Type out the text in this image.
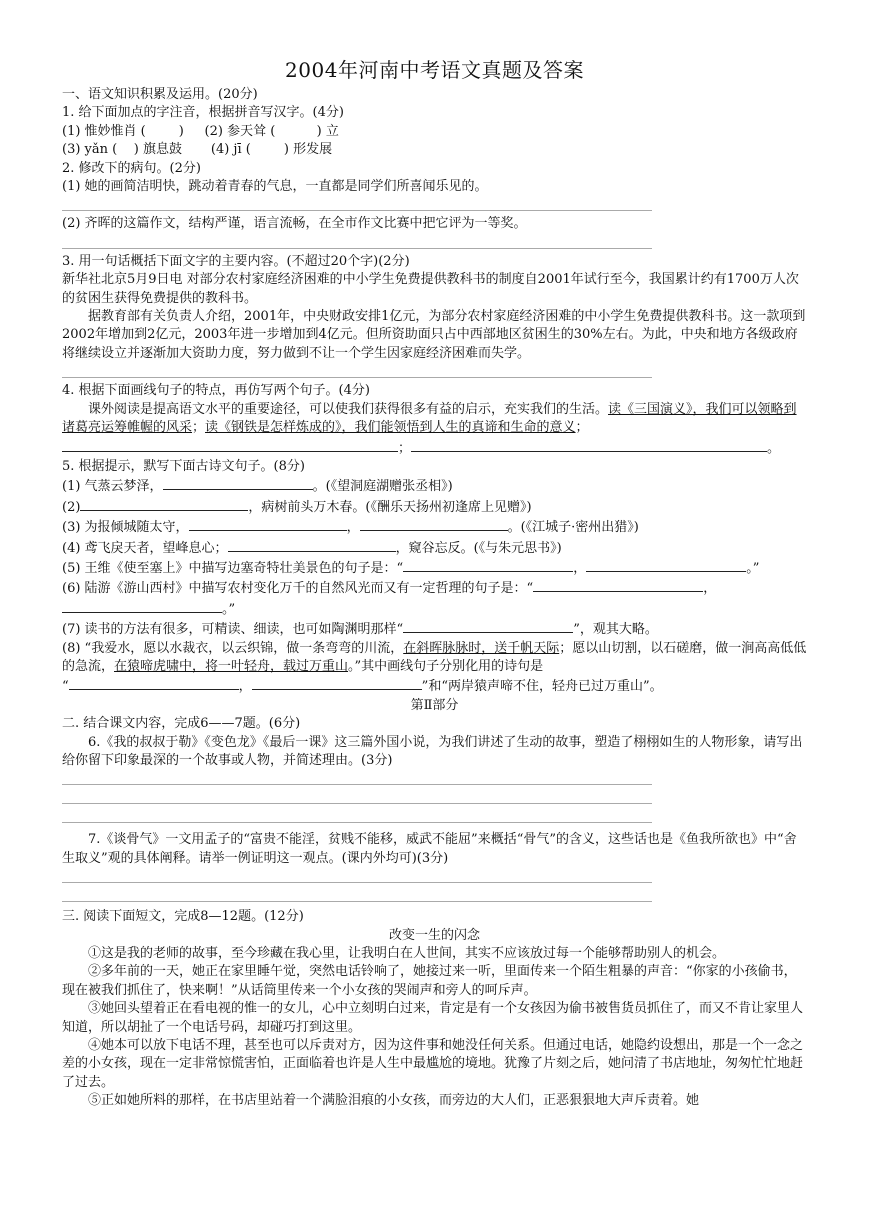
2004年河南中考语文真题及答案
一、语文知识积累及运用。(20分)
1. 给下面加点的字注音，根据拼音写汉字。(4分)
(1) 惟妙惟肖 (        )     (2) 参天耸 (          ) 立
(3) yǎn (    ) 旗息鼓       (4) jī (        ) 形发展
2. 修改下的病句。(2分)
(1) 她的画简洁明快，跳动着青春的气息，一直都是同学们所喜闻乐见的。
(2) 齐晖的这篇作文，结构严谨，语言流畅，在全市作文比赛中把它评为一等奖。
3. 用一句话概括下面文字的主要内容。(不超过20个字)(2分)
新华社北京5月9日电 对部分农村家庭经济困难的中小学生免费提供教科书的制度自2001年试行至今，我国累计约有1700万人次的贫困生获得免费提供的教科书。
据教育部有关负责人介绍，2001年，中央财政安排1亿元，为部分农村家庭经济困难的中小学生免费提供教科书。这一款项到2002年增加到2亿元，2003年进一步增加到4亿元。但所资助面只占中西部地区贫困生的30%左右。为此，中央和地方各级政府将继续设立并逐渐加大资助力度，努力做到不让一个学生因家庭经济困难而失学。
4. 根据下面画线句子的特点，再仿写两个句子。(4分)
课外阅读是提高语文水平的重要途径，可以使我们获得很多有益的启示，充实我们的生活。读《三国演义》，我们可以领略到诸葛亮运筹帷幄的风采；读《钢铁是怎样炼成的》，我们能领悟到人生的真谛和生命的意义；
；	。
5. 根据提示，默写下面古诗文句子。(8分)
(1) 气蒸云梦泽，	。(《望洞庭湖赠张丞相》)
(2)	，病树前头万木春。(《酬乐天扬州初逢席上见赠》)
(3) 为报倾城随太守，	，	。(《江城子·密州出猎》)
(4) 鸢飞戾天者，望峰息心；	，窥谷忘反。(《与朱元思书》)
(5) 王维《使至塞上》中描写边塞奇特壮美景色的句子是：“	，	。”
(6) 陆游《游山西村》中描写农村变化万千的自然风光而又有一定哲理的句子是：“	，
。”
(7) 读书的方法有很多，可精读、细读，也可如陶渊明那样“	”，观其大略。
(8) “我爱水，愿以水裁衣，以云织锦，做一条弯弯的川流，在斜晖脉脉时，送千帆天际；愿以山切割，以石磋磨，做一涧高高低低的急流，在猿啼虎啸中，将一叶轻舟，载过万重山。”其中画线句子分别化用的诗句是
“	，	”和“两岸猿声啼不住，轻舟已过万重山”。
第Ⅱ部分
二. 结合课文内容，完成6——7题。(6分)
6.《我的叔叔于勒》《变色龙》《最后一课》这三篇外国小说，为我们讲述了生动的故事，塑造了栩栩如生的人物形象，请写出给你留下印象最深的一个故事或人物，并简述理由。(3分)
7.《谈骨气》一文用孟子的“富贵不能淫，贫贱不能移，威武不能屈”来概括“骨气”的含义，这些话也是《鱼我所欲也》中“舍生取义”观的具体阐释。请举一例证明这一观点。(课内外均可)(3分)
三. 阅读下面短文，完成8—12题。(12分)
改变一生的闪念
①这是我的老师的故事，至今珍藏在我心里，让我明白在人世间，其实不应该放过每一个能够帮助别人的机会。
②多年前的一天，她正在家里睡午觉，突然电话铃响了，她接过来一听，里面传来一个陌生粗暴的声音：“你家的小孩偷书，现在被我们抓住了，快来啊！”从话筒里传来一个小女孩的哭闹声和旁人的呵斥声。
③她回头望着正在看电视的惟一的女儿，心中立刻明白过来，肯定是有一个女孩因为偷书被售货员抓住了，而又不肯让家里人知道，所以胡扯了一个电话号码，却碰巧打到这里。
④她本可以放下电话不理，甚至也可以斥责对方，因为这件事和她没任何关系。但通过电话，她隐约设想出，那是一个一念之差的小女孩，现在一定非常惊慌害怕，正面临着也许是人生中最尴尬的境地。犹豫了片刻之后，她问清了书店地址，匆匆忙忙地赶了过去。
⑤正如她所料的那样，在书店里站着一个满脸泪痕的小女孩，而旁边的大人们，正恶狠狠地大声斥责着。她
